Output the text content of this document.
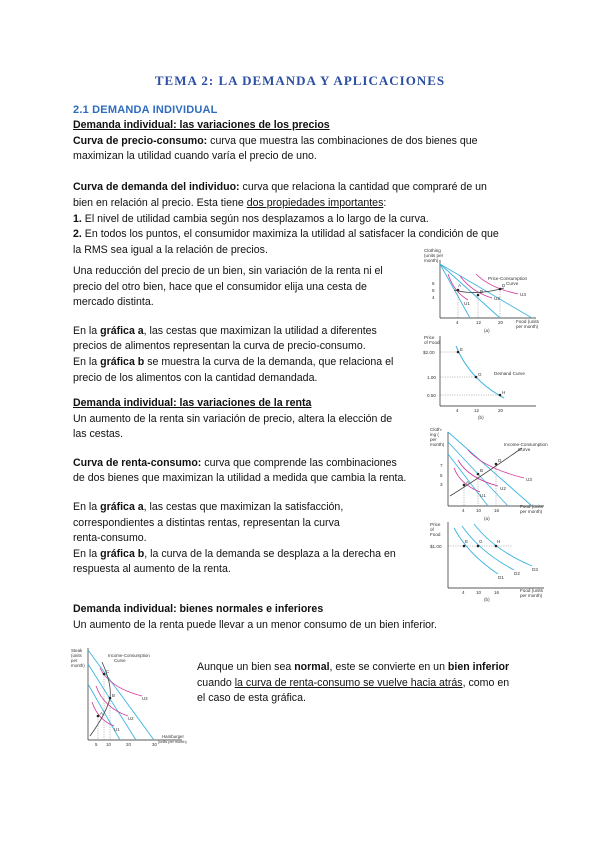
TEMA 2: LA DEMANDA Y APLICACIONES
2.1 DEMANDA INDIVIDUAL
Demanda individual: las variaciones de los precios
Curva de precio-consumo: curva que muestra las combinaciones de dos bienes que
maximizan la utilidad cuando varía el precio de uno.
Curva de demanda del individuo: curva que relaciona la cantidad que compraré de un
bien en relación al precio. Esta tiene dos propiedades importantes:
1. El nivel de utilidad cambia según nos desplazamos a lo largo de la curva.
2. En todos los puntos, el consumidor maximiza la utilidad al satisfacer la condición de que
la RMS sea igual a la relación de precios.
Una reducción del precio de un bien, sin variación de la renta ni el
precio del otro bien, hace que el consumidor elija una cesta de
mercado distinta.
En la gráfica a, las cestas que maximizan la utilidad a diferentes
precios de alimentos representan la curva de precio-consumo.
En la gráfica b se muestra la curva de la demanda, que relaciona el
precio de los alimentos con la cantidad demandada.
Demanda individual: las variaciones de la renta
Un aumento de la renta sin variación de precio, altera la elección de
las cestas.
Curva de renta-consumo: curva que comprende las combinaciones
de dos bienes que maximizan la utilidad a medida que cambia la renta.
En la gráfica a, las cestas que maximizan la satisfacción,
correspondientes a distintas rentas, representan la curva
renta-consumo.
En la gráfica b, la curva de la demanda se desplaza a la derecha en
respuesta al aumento de la renta.
Demanda individual: bienes normales e inferiores
Un aumento de la renta puede llevar a un menor consumo de un bien inferior.
Aunque un bien sea normal, este se convierte en un bien inferior
cuando la curva de renta-consumo se vuelve hacia atrás, como en
el caso de esta gráfica.
Clothing
(units per
month)
6
5
4
A
B
D
Price-Consumption
Curve
U1
U2
U3
4	12	20	Food (units
per month)
(a)
Price
of Food
$2.00
1.00
0.50
E
G
H
Demand Curve
4	12	20
(b)
Cloth-
ing (
per
month)
7
5
3	A
B
D
Income-Consumption
Curve
U1
U2
U3
4 10	16
Food (units
per month)
(a)
Price
of
Food
$1.00
E G	H
D1
D2
D3
4 10	16	Food (units
per month)
(b)
Steak
(units
per
month)
A
B
C
Income-Consumption
Curve
U1
U2
U3
5 10	20	30
Hamburger
(units per month)
